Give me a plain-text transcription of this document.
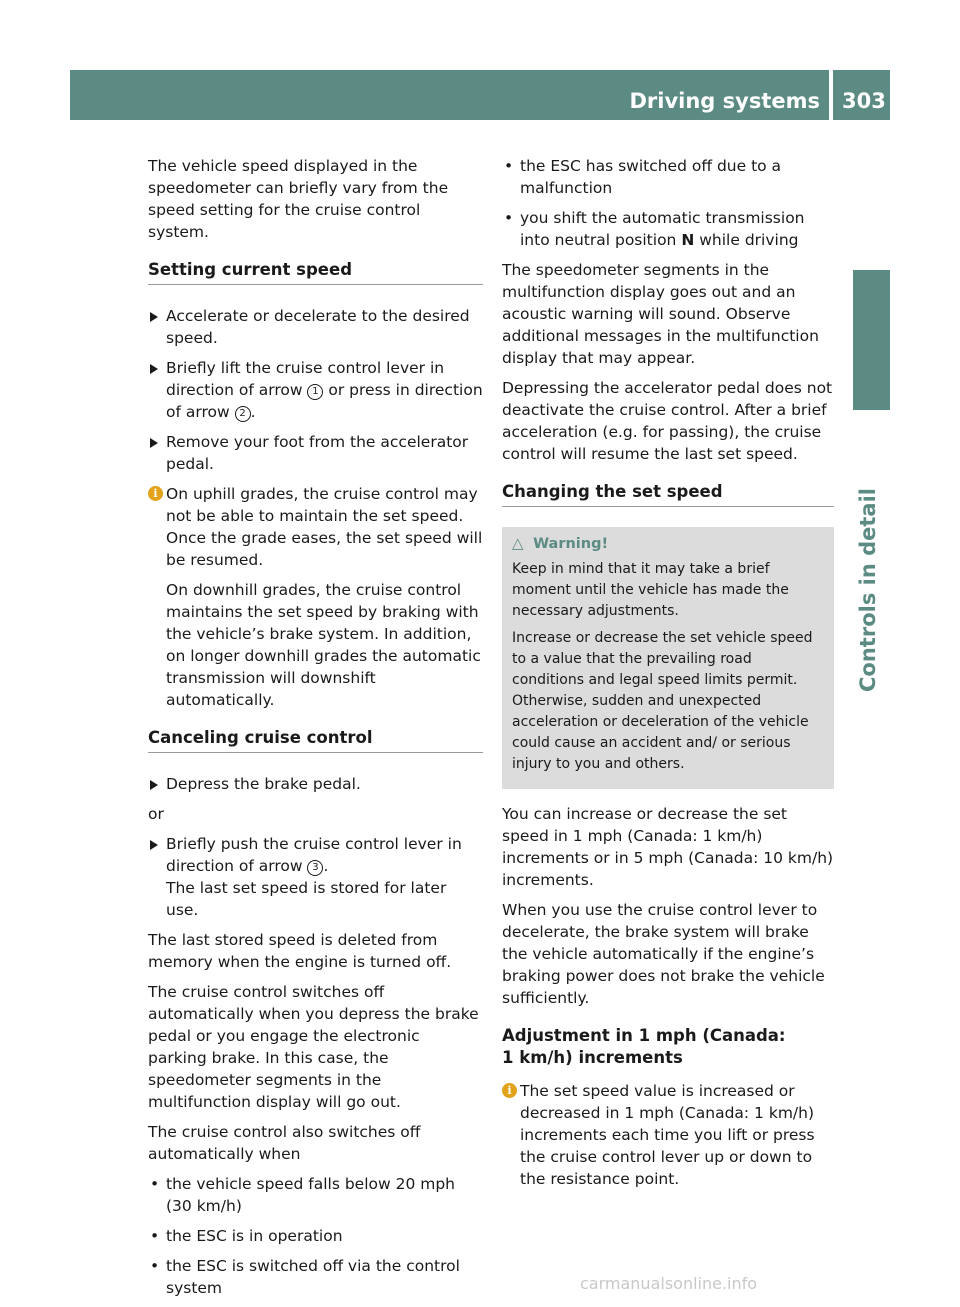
Driving systems 303
Controls in detail

The vehicle speed displayed in the speedometer can briefly vary from the speed setting for the cruise control system.

Setting current speed
Accelerate or decelerate to the desired speed.
Briefly lift the cruise control lever in direction of arrow 1 or press in direction of arrow 2 .
Remove your foot from the accelerator pedal.
i On uphill grades, the cruise control may not be able to maintain the set speed. Once the grade eases, the set speed will be resumed.

On downhill grades, the cruise control maintains the set speed by braking with the vehicle’s brake system. In addition, on longer downhill grades the automatic transmission will downshift automatically.

Canceling cruise control
Depress the brake pedal.

or

Briefly push the cruise control lever in direction of arrow 3 .
The last set speed is stored for later use.

The last stored speed is deleted from memory when the engine is turned off.

The cruise control switches off automatically when you depress the brake pedal or you engage the electronic parking brake. In this case, the speedometer segments in the multifunction display will go out.

The cruise control also switches off automatically when

• the vehicle speed falls below 20 mph (30 km/h)
• the ESC is in operation
• the ESC is switched off via the control system
• the ESC has switched off due to a malfunction
• you shift the automatic transmission into neutral position N while driving

The speedometer segments in the multifunction display goes out and an acoustic warning will sound. Observe additional messages in the multifunction display that may appear.

Depressing the accelerator pedal does not deactivate the cruise control. After a brief acceleration (e.g. for passing), the cruise control will resume the last set speed.

Changing the set speed
△ Warning!

Keep in mind that it may take a brief moment until the vehicle has made the necessary adjustments.

Increase or decrease the set vehicle speed to a value that the prevailing road conditions and legal speed limits permit. Otherwise, sudden and unexpected acceleration or deceleration of the vehicle could cause an accident and/ or serious injury to you and others.

You can increase or decrease the set speed in 1 mph (Canada: 1 km/h) increments or in 5 mph (Canada: 10 km/h) increments.

When you use the cruise control lever to decelerate, the brake system will brake the vehicle automatically if the engine’s braking power does not brake the vehicle sufficiently.

Adjustment in 1 mph (Canada:
1 km/h) increments
i The set speed value is increased or decreased in 1 mph (Canada: 1 km/h) increments each time you lift or press the cruise control lever up or down to the resistance point.

carmanualsonline.info
